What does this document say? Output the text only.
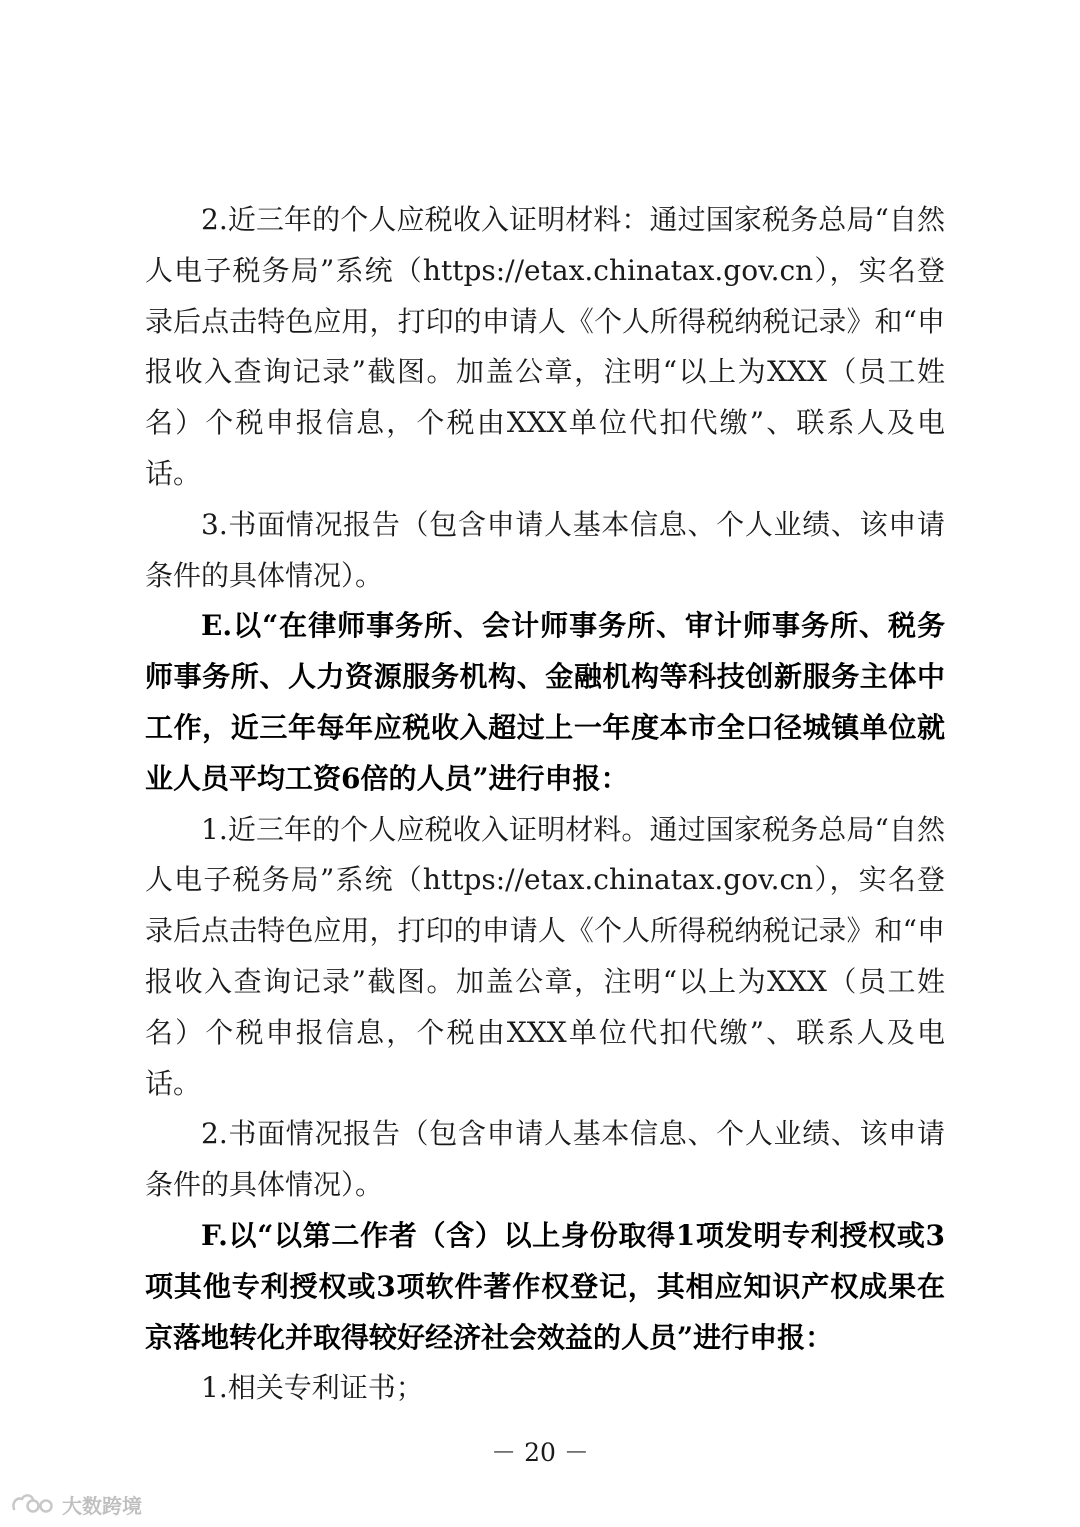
2.近三年的个人应税收入证明材料：通过国家税务总局“自然人电子税务局”系统（https://etax.chinatax.gov.cn），实名登录后点击特色应用，打印的申请人《个人所得税纳税记录》和“申报收入查询记录”截图。加盖公章，注明“以上为XXX（员工姓名）个税申报信息，个税由XXX单位代扣代缴”、联系人及电话。

3.书面情况报告（包含申请人基本信息、个人业绩、该申请条件的具体情况）。

E.以“在律师事务所、会计师事务所、审计师事务所、税务师事务所、人力资源服务机构、金融机构等科技创新服务主体中工作，近三年每年应税收入超过上一年度本市全口径城镇单位就业人员平均工资6倍的人员”进行申报：

1.近三年的个人应税收入证明材料。通过国家税务总局“自然人电子税务局”系统（https://etax.chinatax.gov.cn），实名登录后点击特色应用，打印的申请人《个人所得税纳税记录》和“申报收入查询记录”截图。加盖公章，注明“以上为XXX（员工姓名）个税申报信息，个税由XXX单位代扣代缴”、联系人及电话。

2.书面情况报告（包含申请人基本信息、个人业绩、该申请条件的具体情况）。

F.以“以第二作者（含）以上身份取得1项发明专利授权或3项其他专利授权或3项软件著作权登记，其相应知识产权成果在京落地转化并取得较好经济社会效益的人员”进行申报：

1.相关专利证书；

－ 20 －
大数跨境
